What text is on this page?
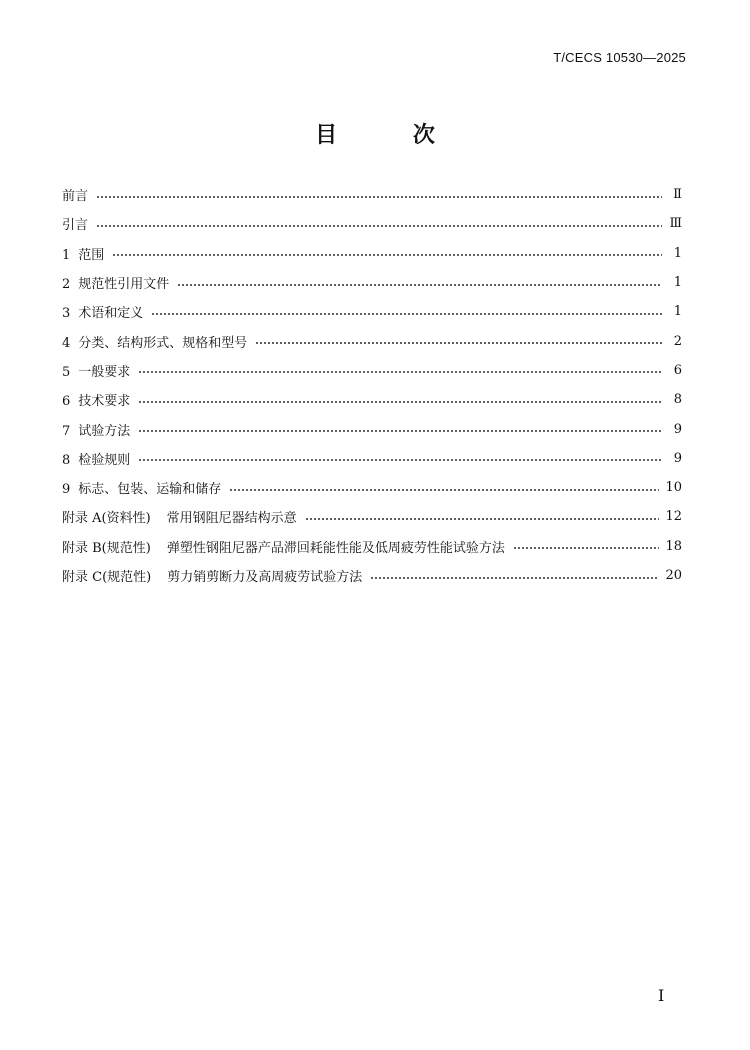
T/CECS 10530—2025
目 次
前言	Ⅱ
引言	Ⅲ
1 范围	1
2 规范性引用文件	1
3 术语和定义	1
4 分类、结构形式、规格和型号	2
5 一般要求	6
6 技术要求	8
7 试验方法	9
8 检验规则	9
9 标志、包装、运输和储存	10
附录 A(资料性) 常用钢阻尼器结构示意	12
附录 B(规范性) 弹塑性钢阻尼器产品滞回耗能性能及低周疲劳性能试验方法	18
附录 C(规范性) 剪力销剪断力及高周疲劳试验方法	20
I
